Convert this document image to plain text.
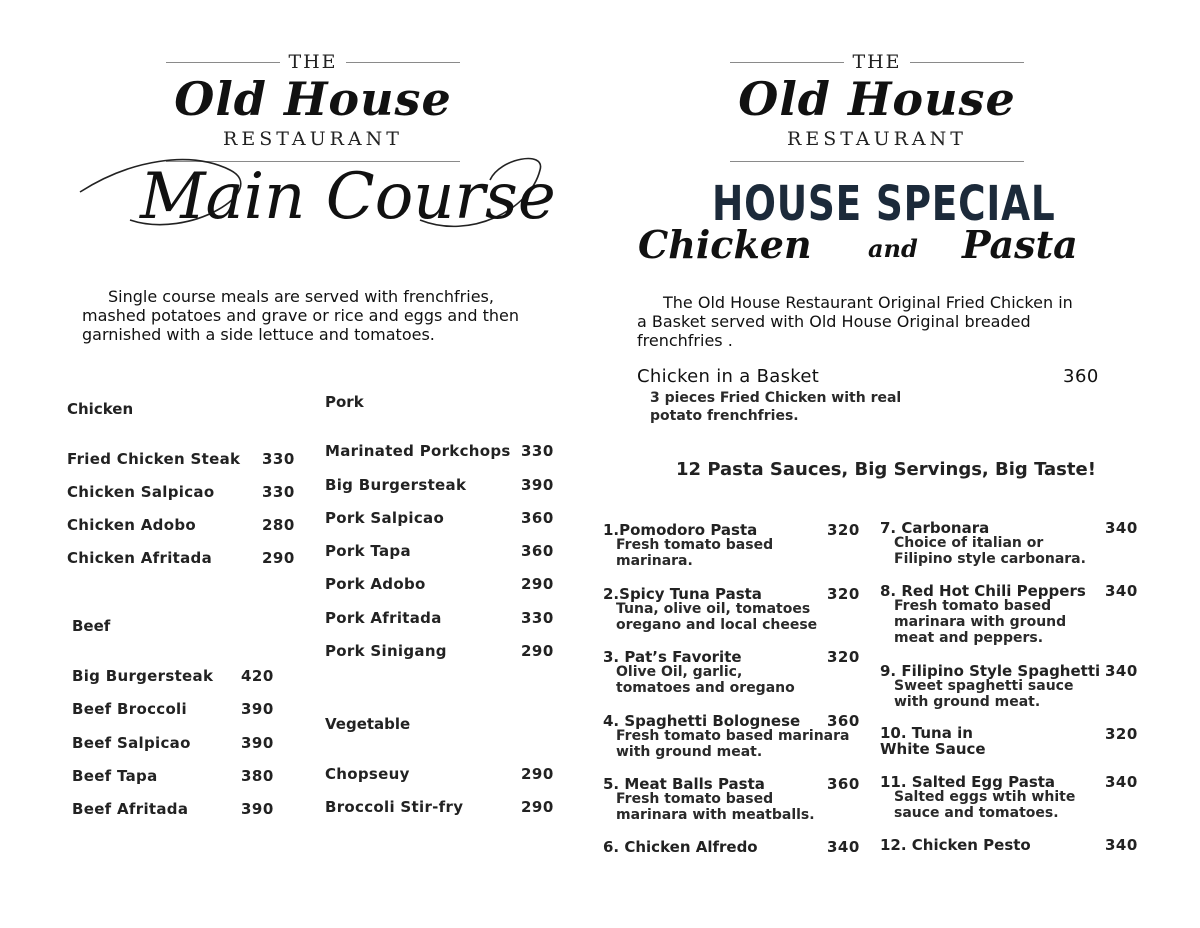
THE
Old House
RESTAURANT
Main Course
Single course meals are served with frenchfries, mashed potatoes and grave or rice and eggs and then garnished with a side lettuce and tomatoes.
Chicken
Fried Chicken Steak 330
Chicken Salpicao	330
Chicken Adobo	280
Chicken Afritada	290
Beef
Big Burgersteak 420
Beef Broccoli	390
Beef Salpicao	390
Beef Tapa	380
Beef Afritada	390
Pork
Marinated Porkchops 330
Big Burgersteak	390
Pork Salpicao	360
Pork Tapa	360
Pork Adobo	290
Pork Afritada	330
Pork Sinigang	290
Vegetable
Chopseuy	290
Broccoli Stir-fry	290
THE
Old House
RESTAURANT
HOUSE SPECIAL
Chicken and Pasta
The Old House Restaurant Original Fried Chicken in a Basket served with Old House Original breaded frenchfries .
Chicken in a Basket	360
3 pieces Fried Chicken with real potato frenchfries.
12 Pasta Sauces, Big Servings, Big Taste!
1.Pomodoro Pasta	320
Fresh tomato based marinara.
2.Spicy Tuna Pasta	320
Tuna, olive oil, tomatoes oregano and local cheese
3. Pat’s Favorite	320
Olive Oil, garlic, tomatoes and oregano
4. Spaghetti Bolognese 360
Fresh tomato based marinara with ground meat.
5. Meat Balls Pasta	360
Fresh tomato based marinara with meatballs.
6. Chicken Alfredo	340
7. Carbonara	340
Choice of italian or Filipino style carbonara.
8. Red Hot Chili Peppers 340
Fresh tomato based marinara with ground meat and peppers.
9. Filipino Style Spaghetti 340
Sweet spaghetti sauce with ground meat.
10. Tuna in White Sauce
320
11. Salted Egg Pasta	340
Salted eggs wtih white sauce and tomatoes.
12. Chicken Pesto	340
